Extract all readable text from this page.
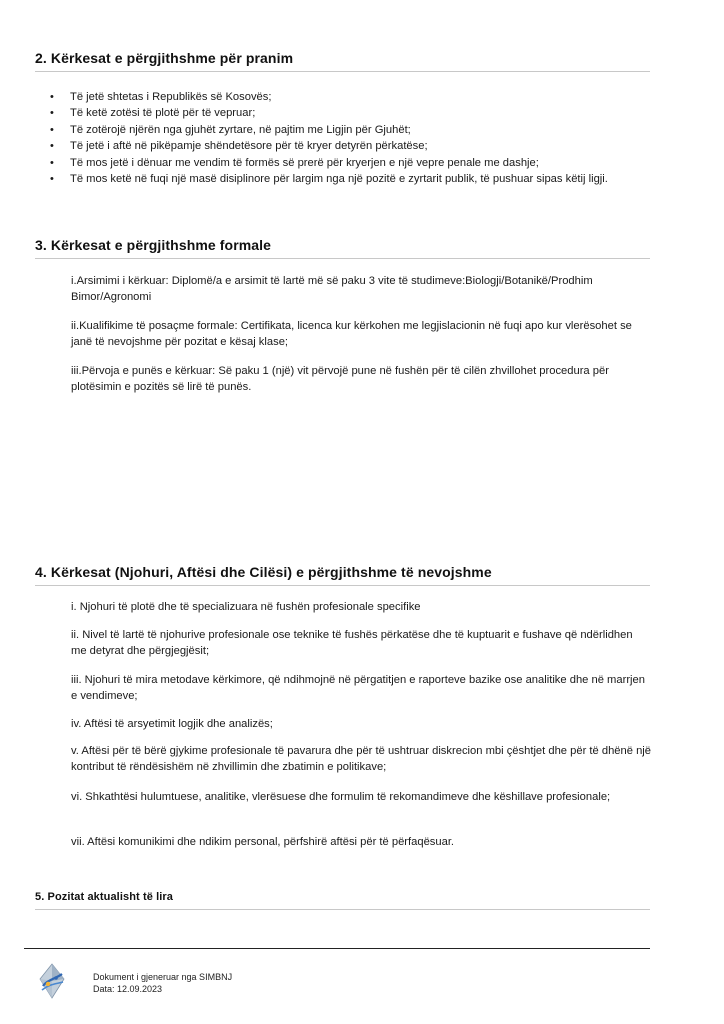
2. Kërkesat e përgjithshme për pranim
• Të jetë shtetas i Republikës së Kosovës;
• Të ketë zotësi të plotë për të vepruar;
• Të zotërojë njërën nga gjuhët zyrtare, në pajtim me Ligjin për Gjuhët;
• Të jetë i aftë në pikëpamje shëndetësore për të kryer detyrën përkatëse;
• Të mos jetë i dënuar me vendim të formës së prerë për kryerjen e një vepre penale me dashje;
• Të mos ketë në fuqi një masë disiplinore për largim nga një pozitë e zyrtarit publik, të pushuar sipas këtij ligji.
3. Kërkesat e përgjithshme formale

i.Arsimimi i kërkuar: Diplomë/a e arsimit të lartë më së paku 3 vite të studimeve:Biologji/Botanikë/Prodhim Bimor/Agronomi

ii.Kualifikime të posaçme formale: Certifikata, licenca kur kërkohen me legjislacionin në fuqi apo kur vlerësohet se janë të nevojshme për pozitat e kësaj klase;

iii.Përvoja e punës e kërkuar: Së paku 1 (një) vit përvojë pune në fushën për të cilën zhvillohet procedura për plotësimin e pozitës së lirë të punës.

4. Kërkesat (Njohuri, Aftësi dhe Cilësi) e përgjithshme të nevojshme

i. Njohuri të plotë dhe të specializuara në fushën profesionale specifike

ii. Nivel të lartë të njohurive profesionale ose teknike të fushës përkatëse dhe të kuptuarit e fushave që ndërlidhen me detyrat dhe përgjegjësit;

iii. Njohuri të mira metodave kërkimore, që ndihmojnë në përgatitjen e raporteve bazike ose analitike dhe në marrjen e vendimeve;

iv. Aftësi të arsyetimit logjik dhe analizës;

v. Aftësi për të bërë gjykime profesionale të pavarura dhe për të ushtruar diskrecion mbi çështjet dhe për të dhënë një kontribut të rëndësishëm në zhvillimin dhe zbatimin e politikave;

vi. Shkathtësi hulumtuese, analitike, vlerësuese dhe formulim të rekomandimeve dhe këshillave profesionale;

vii. Aftësi komunikimi dhe ndikim personal, përfshirë aftësi për të përfaqësuar.

5. Pozitat aktualisht të lira
Dokument i gjeneruar nga SIMBNJ
Data: 12.09.2023
